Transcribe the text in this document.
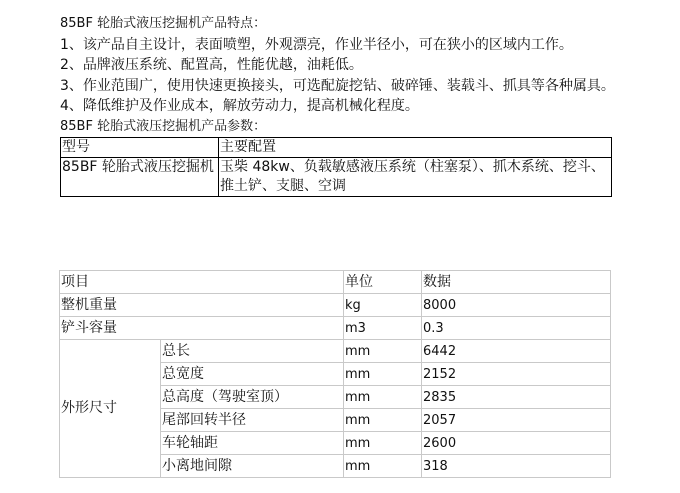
85BF 轮胎式液压挖掘机产品特点：

1、该产品自主设计，表面喷塑，外观漂亮，作业半径小，可在狭小的区域内工作。

2、品牌液压系统、配置高，性能优越，油耗低。

3、作业范围广，使用快速更换接头，可选配旋挖钻、破碎锤、装载斗、抓具等各种属具。

4、降低维护及作业成本，解放劳动力，提高机械化程度。

85BF 轮胎式液压挖掘机产品参数：

型号	主要配置
85BF 轮胎式液压挖掘机	玉柴 48kw、负载敏感液压系统（柱塞泵）、抓木系统、挖斗、推土铲、支腿、空调
项目		单位	数据
整机重量		kg	8000
铲斗容量		m3	0.3
外形尺寸	总长	mm	6442
	总宽度	mm	2152
	总高度（驾驶室顶）	mm	2835
	尾部回转半径	mm	2057
	车轮轴距	mm	2600
	小离地间隙	mm	318
